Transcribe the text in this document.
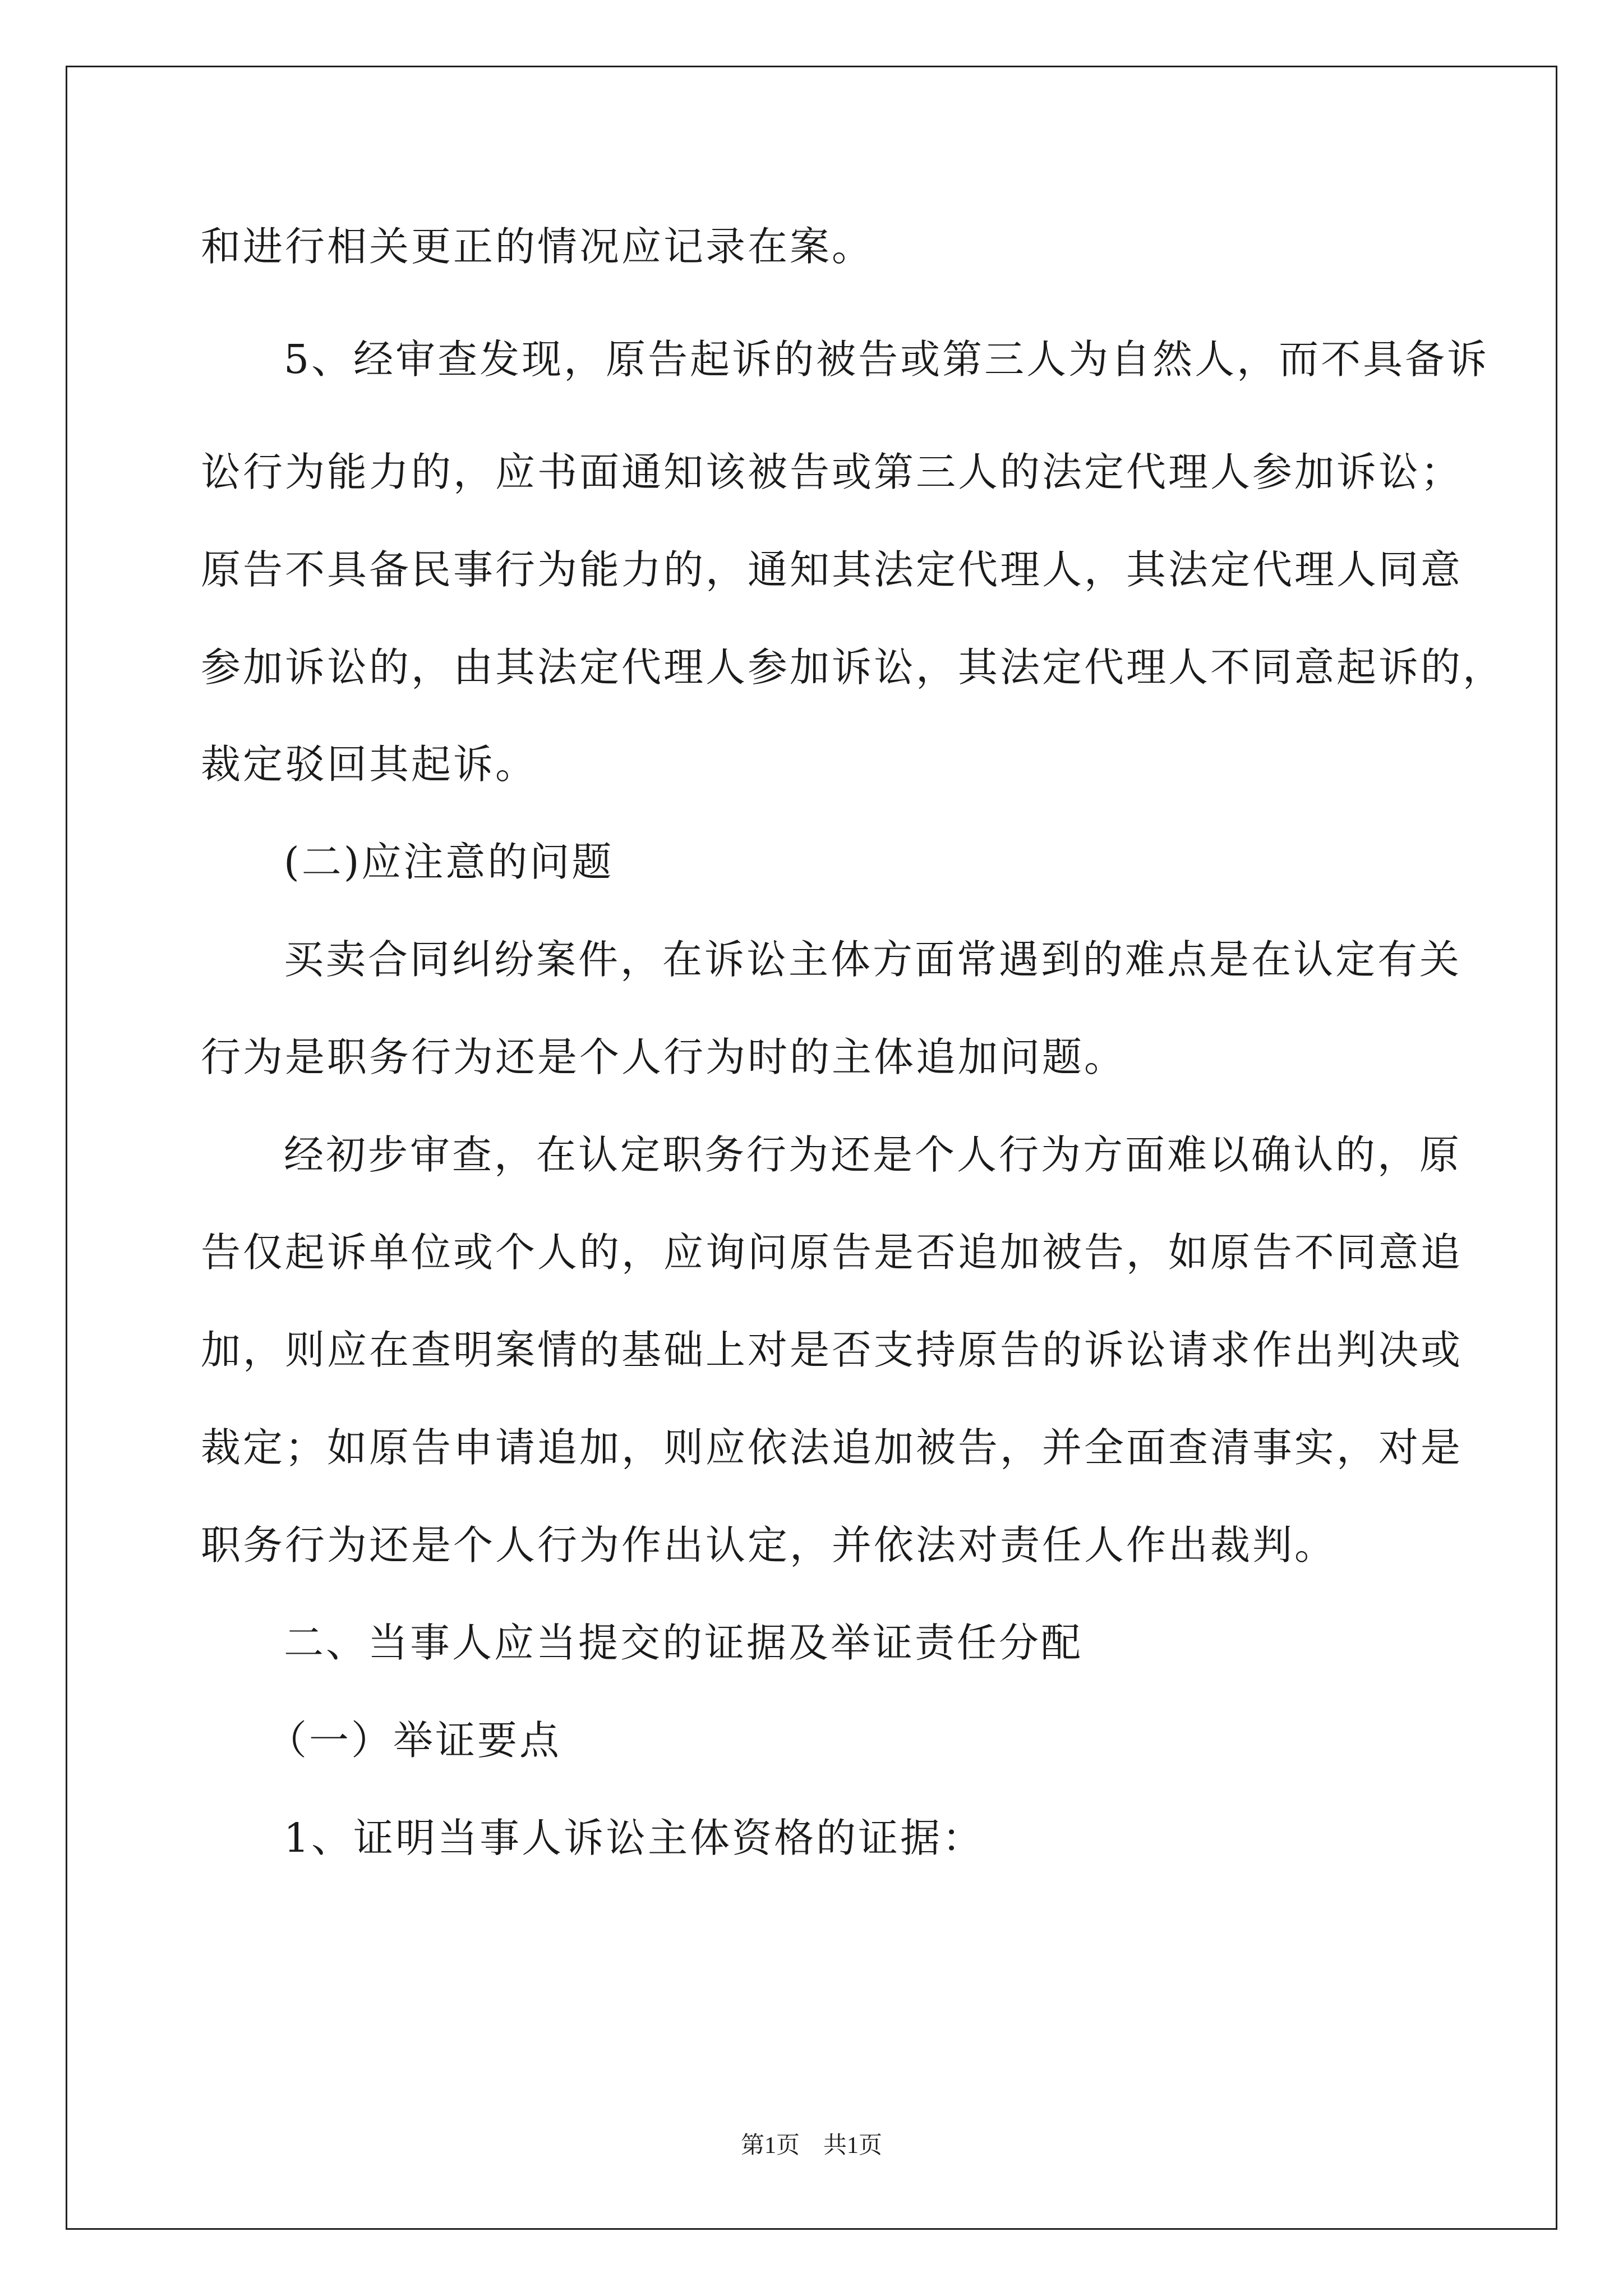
和进行相关更正的情况应记录在案。
5、经审查发现，原告起诉的被告或第三人为自然人，而不具备诉
讼行为能力的，应书面通知该被告或第三人的法定代理人参加诉讼；
原告不具备民事行为能力的，通知其法定代理人，其法定代理人同意
参加诉讼的，由其法定代理人参加诉讼，其法定代理人不同意起诉的，
裁定驳回其起诉。
(二)应注意的问题
买卖合同纠纷案件，在诉讼主体方面常遇到的难点是在认定有关
行为是职务行为还是个人行为时的主体追加问题。
经初步审查，在认定职务行为还是个人行为方面难以确认的，原
告仅起诉单位或个人的，应询问原告是否追加被告，如原告不同意追
加，则应在查明案情的基础上对是否支持原告的诉讼请求作出判决或
裁定；如原告申请追加，则应依法追加被告，并全面查清事实，对是
职务行为还是个人行为作出认定，并依法对责任人作出裁判。
二、当事人应当提交的证据及举证责任分配
（一）举证要点
1、证明当事人诉讼主体资格的证据：
第1页　共1页
